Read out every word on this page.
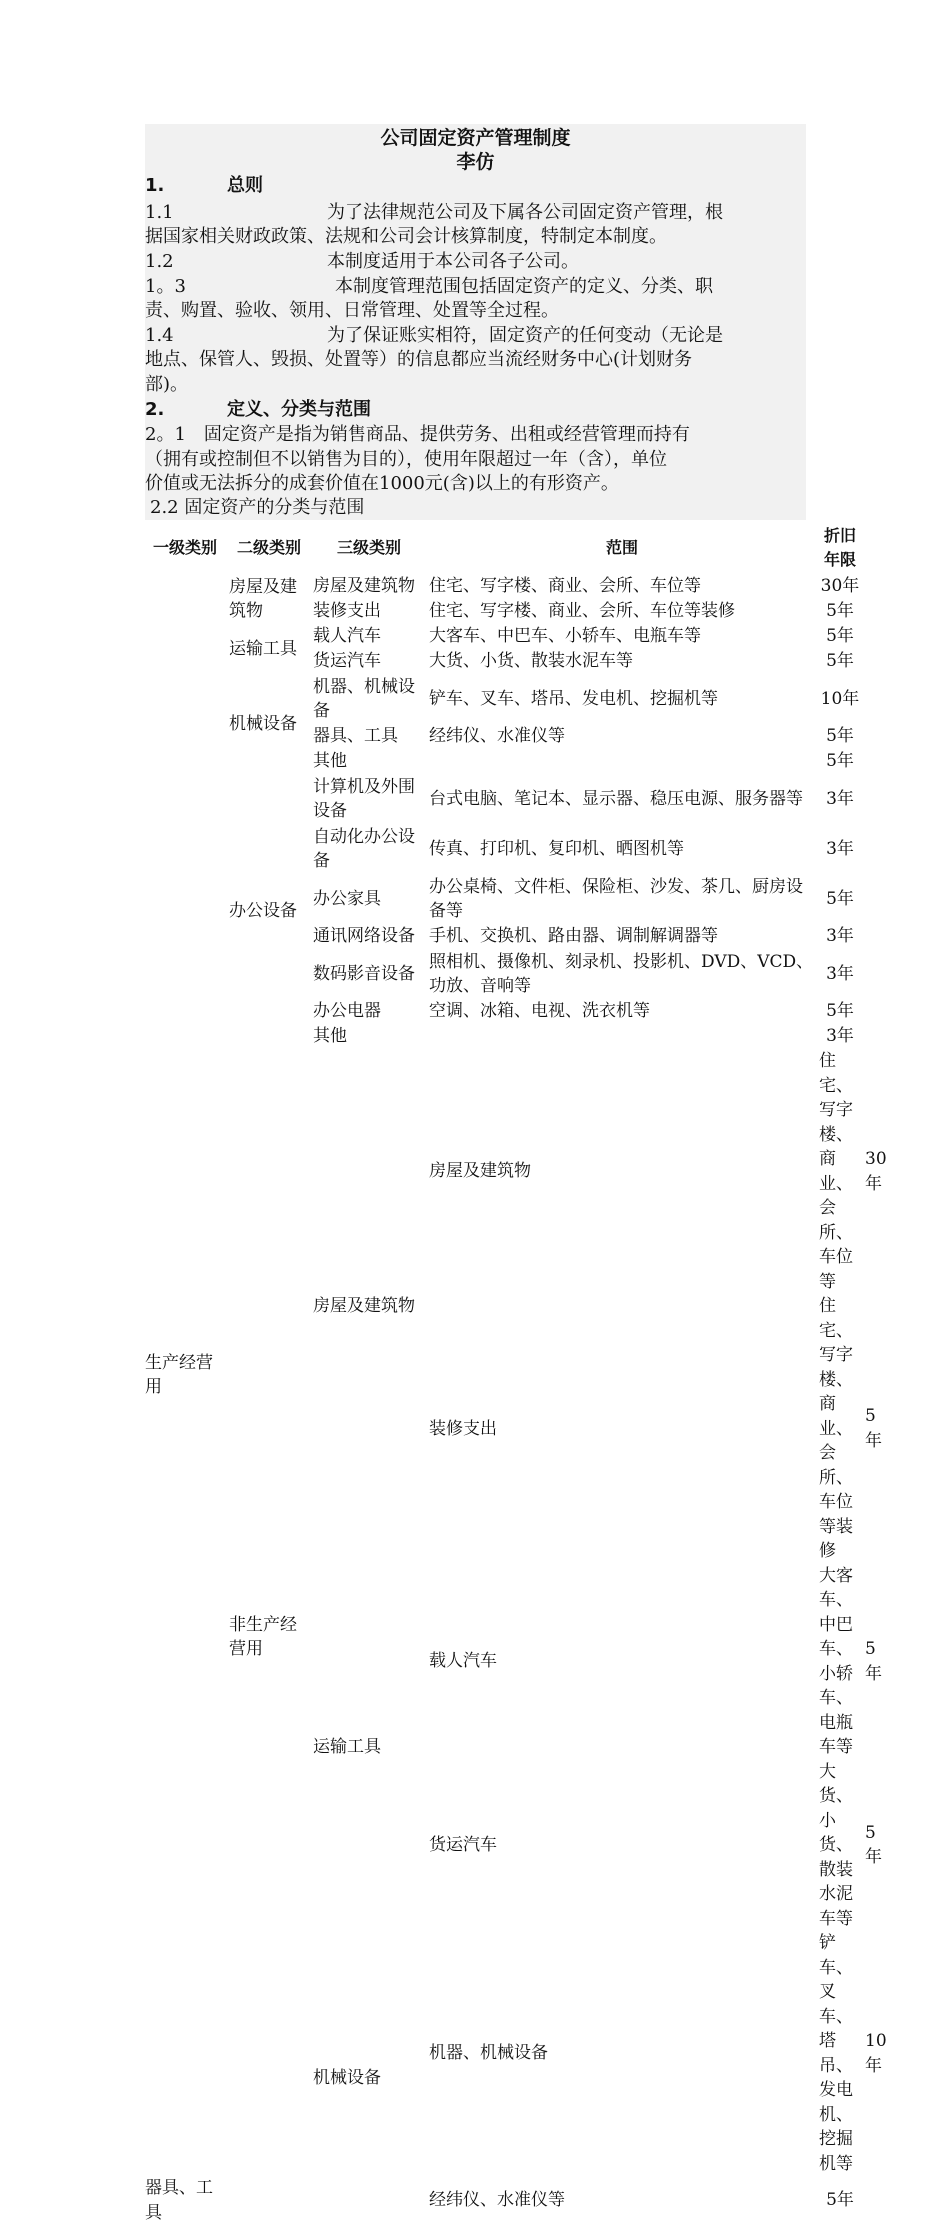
公司固定资产管理制度
李仿
1.	总则
1.1	为了法律规范公司及下属各公司固定资产管理，根
据国家相关财政政策、法规和公司会计核算制度，特制定本制度。
1.2	本制度适用于本公司各子公司。
1。3	本制度管理范围包括固定资产的定义、分类、职
责、购置、验收、领用、日常管理、处置等全过程。
1.4	为了保证账实相符，固定资产的任何变动（无论是
地点、保管人、毁损、处置等）的信息都应当流经财务中心(计划财务
部)。
2.	定义、分类与范围
2。1　固定资产是指为销售商品、提供劳务、出租或经营管理而持有
（拥有或控制但不以销售为目的），使用年限超过一年（含），单位
价值或无法拆分的成套价值在1000元(含)以上的有形资产。
2.2 固定资产的分类与范围
一级类别	二级类别	三级类别	范围	折旧年限	
生产经营用	房屋及建筑物	房屋及建筑物	住宅、写字楼、商业、会所、车位等	30年	
		装修支出	住宅、写字楼、商业、会所、车位等装修	5年	
	运输工具	载人汽车	大客车、中巴车、小轿车、电瓶车等	5年	
		货运汽车	大货、小货、散装水泥车等	5年	
	机械设备	机器、机械设备	铲车、叉车、塔吊、发电机、挖掘机等	10年	
		器具、工具	经纬仪、水准仪等	5年	
		其他		5年	
	办公设备	计算机及外围设备	台式电脑、笔记本、显示器、稳压电源、服务器等	3年	
		自动化办公设备	传真、打印机、复印机、晒图机等	3年	
		办公家具	办公桌椅、文件柜、保险柜、沙发、茶几、厨房设备等	5年	
		通讯网络设备	手机、交换机、路由器、调制解调器等	3年	
		数码影音设备	照相机、摄像机、刻录机、投影机、DVD、VCD、功放、音响等	3年	
		办公电器	空调、冰箱、电视、洗衣机等	5年	
		其他		3年	
	非生产经营用	房屋及建筑物	房屋及建筑物	住宅、写字楼、商业、会所、车位等	30年
			装修支出	住宅、写字楼、商业、会所、车位等装修	5年
		运输工具	载人汽车	大客车、中巴车、小轿车、电瓶车等	5年
			货运汽车	大货、小货、散装水泥车等	5年
		机械设备	机器、机械设备	铲车、叉车、塔吊、发电机、挖掘机等	10年
器具、工具			经纬仪、水准仪等	5年	
